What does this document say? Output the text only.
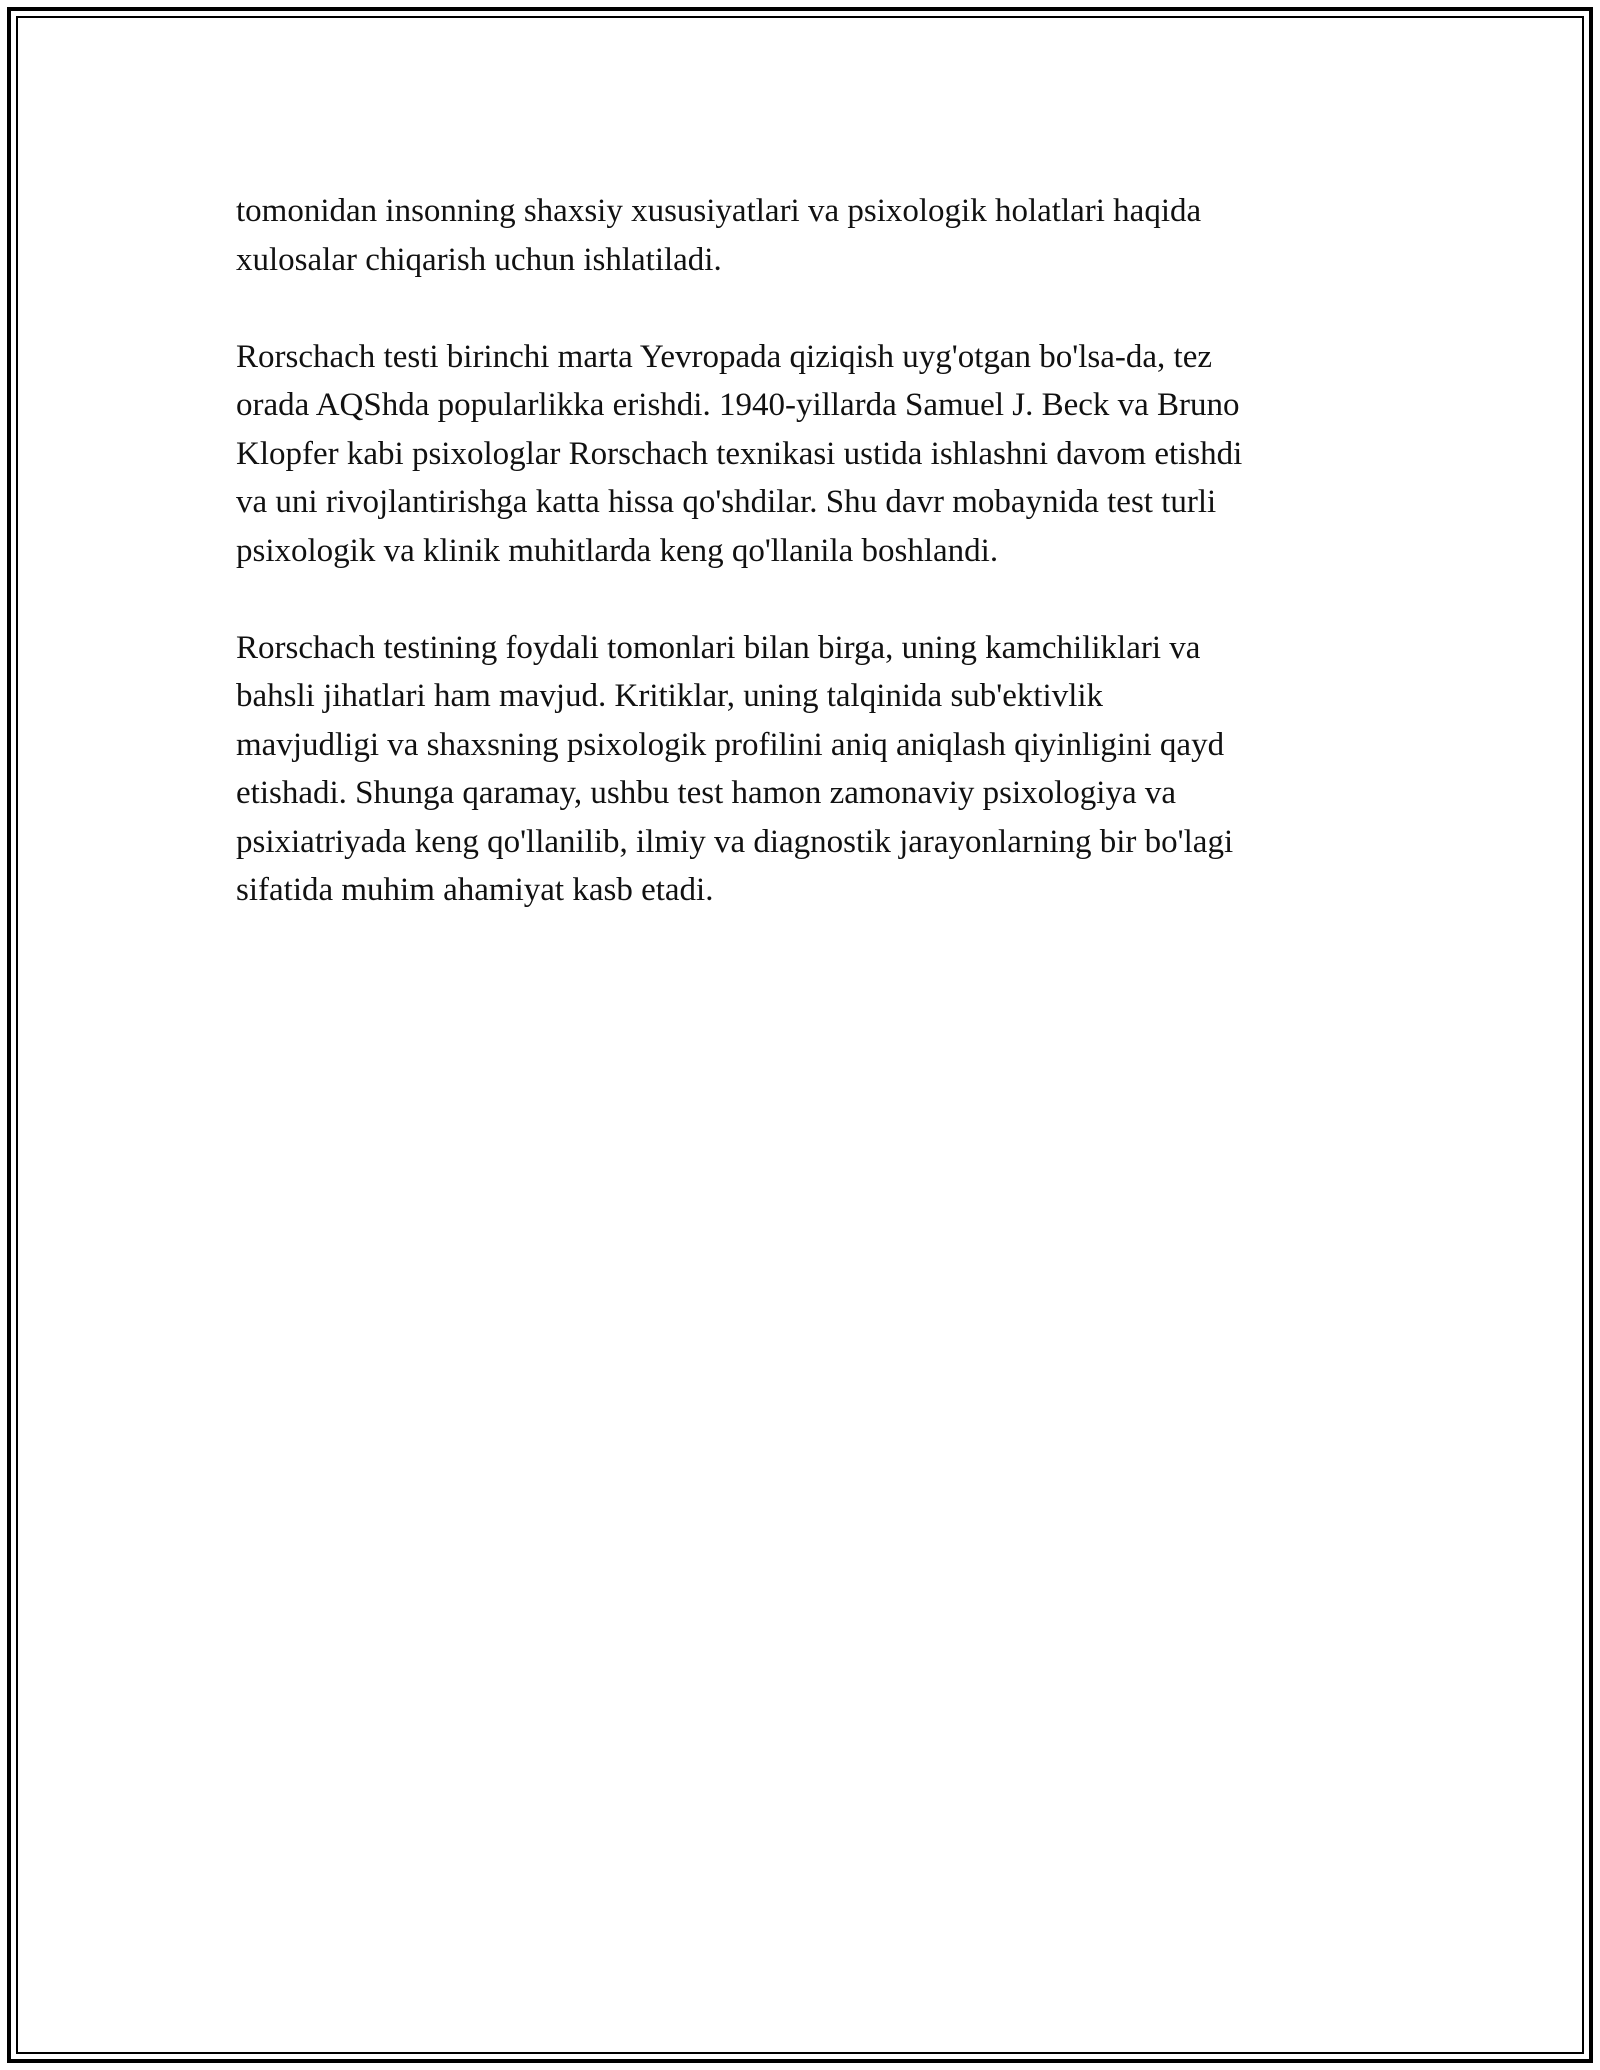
tomonidan insonning shaxsiy xususiyatlari va psixologik holatlari haqida
xulosalar chiqarish uchun ishlatiladi.

Rorschach testi birinchi marta Yevropada qiziqish uyg'otgan bo'lsa-da, tez
orada AQShda popularlikka erishdi. 1940-yillarda Samuel J. Beck va Bruno
Klopfer kabi psixologlar Rorschach texnikasi ustida ishlashni davom etishdi
va uni rivojlantirishga katta hissa qo'shdilar. Shu davr mobaynida test turli
psixologik va klinik muhitlarda keng qo'llanila boshlandi.

Rorschach testining foydali tomonlari bilan birga, uning kamchiliklari va
bahsli jihatlari ham mavjud. Kritiklar, uning talqinida sub'ektivlik
mavjudligi va shaxsning psixologik profilini aniq aniqlash qiyinligini qayd
etishadi. Shunga qaramay, ushbu test hamon zamonaviy psixologiya va
psixiatriyada keng qo'llanilib, ilmiy va diagnostik jarayonlarning bir bo'lagi
sifatida muhim ahamiyat kasb etadi.
